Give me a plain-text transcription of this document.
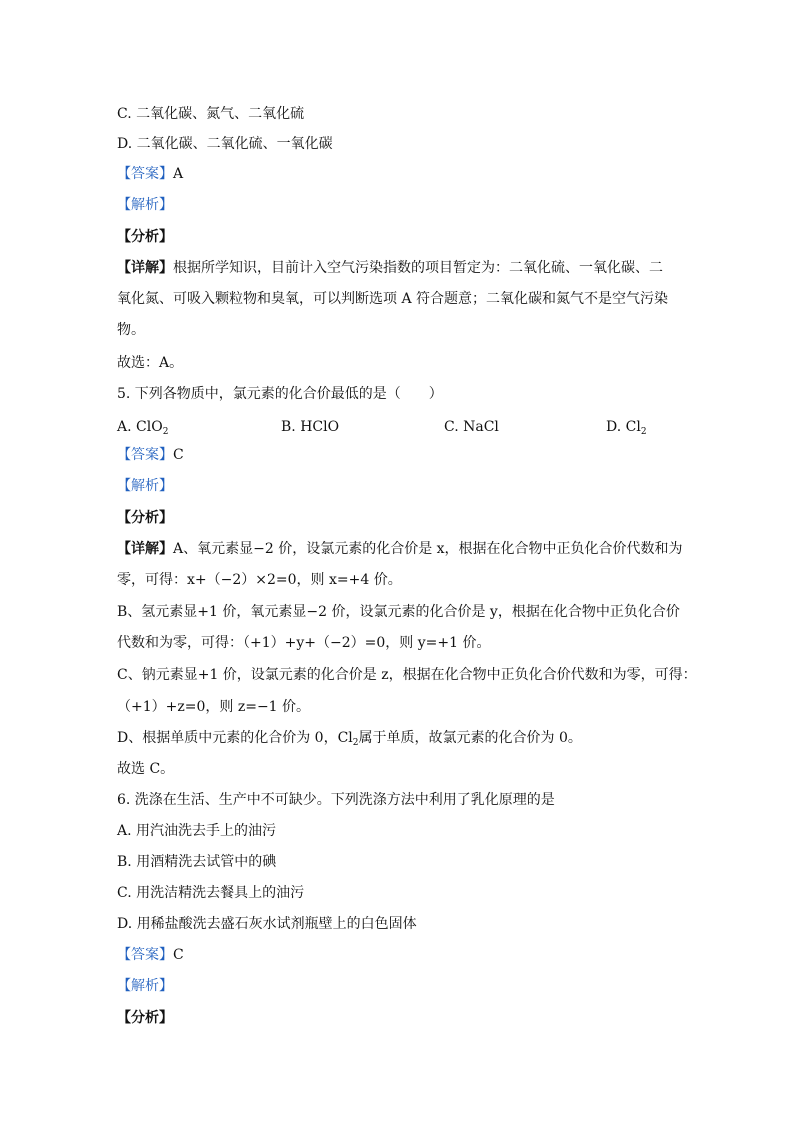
C. 二氧化碳、氮气、二氧化硫
D. 二氧化碳、二氧化硫、一氧化碳
【答案】A
【解析】
【分析】
【详解】根据所学知识，目前计入空气污染指数的项目暂定为：二氧化硫、一氧化碳、二
氧化氮、可吸入颗粒物和臭氧，可以判断选项 A 符合题意；二氧化碳和氮气不是空气污染
物。
故选：A。
5. 下列各物质中，氯元素的化合价最低的是（　　）
A. ClO$_2$	B. HClO	C. NaCl	D. $Cl_2$
【答案】C
【解析】
【分析】
【详解】A、氧元素显−2 价，设氯元素的化合价是 x，根据在化合物中正负化合价代数和为
零，可得：x+（−2）×2=0，则 x=+4 价。
B、氢元素显+1 价，氧元素显−2 价，设氯元素的化合价是 y，根据在化合物中正负化合价
代数和为零，可得：（+1）+y+（−2）=0，则 y=+1 价。
C、钠元素显+1 价，设氯元素的化合价是 z，根据在化合物中正负化合价代数和为零，可得：
（+1）+z=0，则 z=−1 价。
D、根据单质中元素的化合价为 0，$Cl_2$属于单质，故氯元素的化合价为 0。
故选 C。
6. 洗涤在生活、生产中不可缺少。下列洗涤方法中利用了乳化原理的是
A. 用汽油洗去手上的油污
B. 用酒精洗去试管中的碘
C. 用洗洁精洗去餐具上的油污
D. 用稀盐酸洗去盛石灰水试剂瓶壁上的白色固体
【答案】C
【解析】
【分析】
